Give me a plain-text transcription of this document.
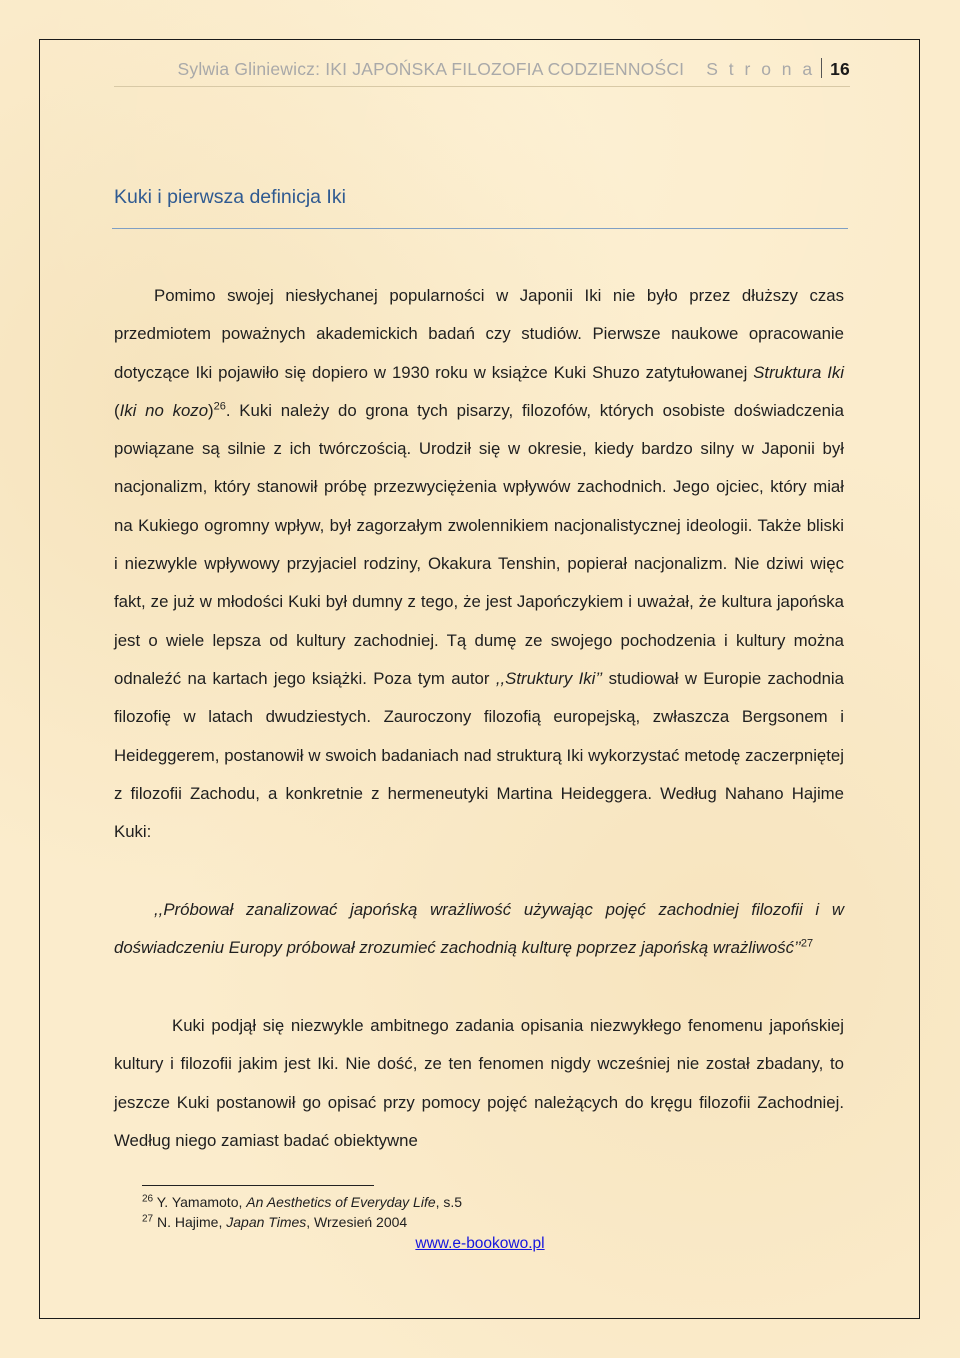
Sylwia Gliniewicz: IKI JAPOŃSKA FILOZOFIA CODZIENNOŚCI S t r o n a 16
Kuki i pierwsza definicja Iki
Pomimo swojej niesłychanej popularności w Japonii Iki nie było przez dłuższy czas przedmiotem poważnych akademickich badań czy studiów. Pierwsze naukowe opracowanie dotyczące Iki pojawiło się dopiero w 1930 roku w książce Kuki Shuzo zatytułowanej Struktura Iki (Iki no kozo)$^{26}$. Kuki należy do grona tych pisarzy, filozofów, których osobiste doświadczenia powiązane są silnie z ich twórczością. Urodził się w okresie, kiedy bardzo silny w Japonii był nacjonalizm, który stanowił próbę przezwyciężenia wpływów zachodnich. Jego ojciec, który miał na Kukiego ogromny wpływ, był zagorzałym zwolennikiem nacjonalistycznej ideologii. Także bliski i niezwykle wpływowy przyjaciel rodziny, Okakura Tenshin, popierał nacjonalizm. Nie dziwi więc fakt, ze już w młodości Kuki był dumny z tego, że jest Japończykiem i uważał, że kultura japońska jest o wiele lepsza od kultury zachodniej. Tą dumę ze swojego pochodzenia i kultury można odnaleźć na kartach jego książki. Poza tym autor ,,Struktury Iki’’ studiował w Europie zachodnia filozofię w latach dwudziestych. Zauroczony filozofią europejską, zwłaszcza Bergsonem i Heideggerem, postanowił w swoich badaniach nad strukturą Iki wykorzystać metodę zaczerpniętej z filozofii Zachodu, a konkretnie z hermeneutyki Martina Heideggera. Według Nahano Hajime Kuki:
,,Próbował zanalizować japońską wrażliwość używając pojęć zachodniej filozofii i w doświadczeniu Europy próbował zrozumieć zachodnią kulturę poprzez japońską wrażliwość’’$^{27}$
Kuki podjął się niezwykle ambitnego zadania opisania niezwykłego fenomenu japońskiej kultury i filozofii jakim jest Iki. Nie dość, ze ten fenomen nigdy wcześniej nie został zbadany, to jeszcze Kuki postanowił go opisać przy pomocy pojęć należących do kręgu filozofii Zachodniej. Według niego zamiast badać obiektywne
$^{26}$ Y. Yamamoto, An Aesthetics of Everyday Life, s.5
$^{27}$ N. Hajime, Japan Times, Wrzesień 2004
www.e-bookowo.pl
